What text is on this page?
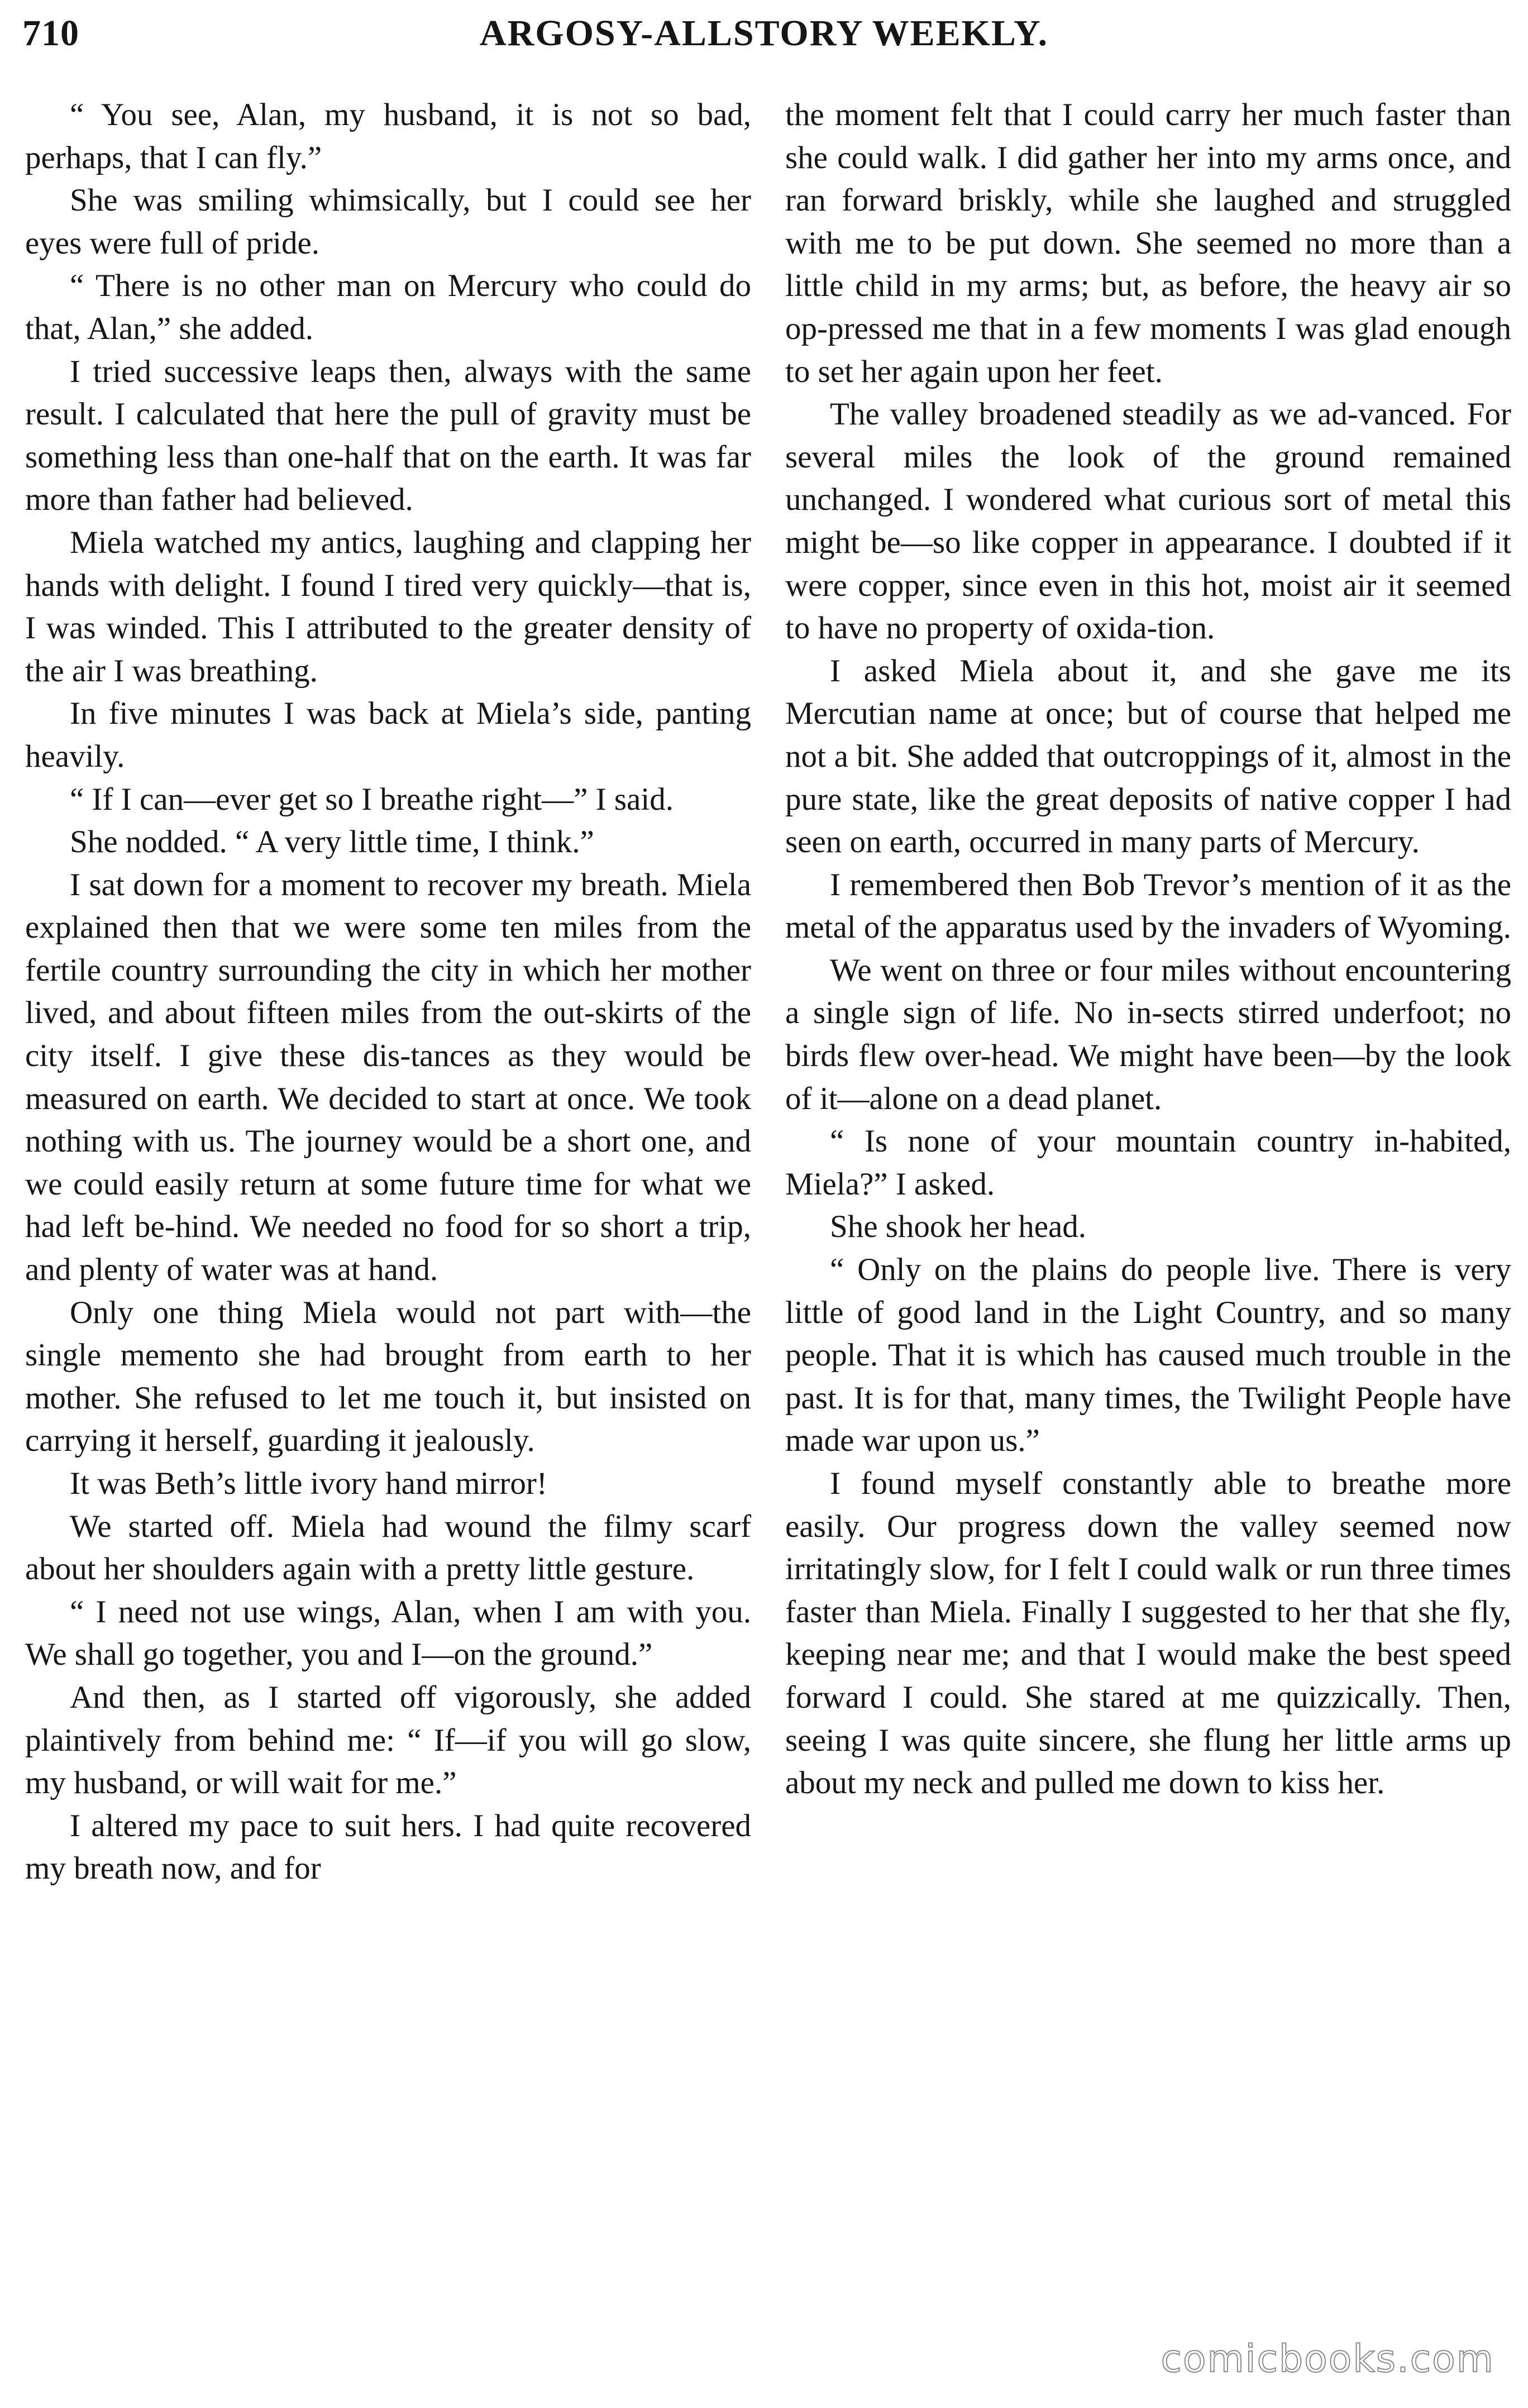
710	ARGOSY-ALLSTORY WEEKLY.

“ You see, Alan, my husband, it is not so bad, perhaps, that I can fly.”

She was smiling whimsically, but I could see her eyes were full of pride.

“ There is no other man on Mercury who could do that, Alan,” she added.

I tried successive leaps then, always with the same result. I calculated that here the pull of gravity must be something less than one-half that on the earth. It was far more than father had believed.

Miela watched my antics, laughing and clapping her hands with delight. I found I tired very quickly—that is, I was winded. This I attributed to the greater density of the air I was breathing.

In five minutes I was back at Miela’s side, panting heavily.

“ If I can—ever get so I breathe right—” I said.

She nodded. “ A very little time, I think.”

I sat down for a moment to recover my breath. Miela explained then that we were some ten miles from the fertile country surrounding the city in which her mother lived, and about fifteen miles from the out-skirts of the city itself. I give these dis-tances as they would be measured on earth. We decided to start at once. We took nothing with us. The journey would be a short one, and we could easily return at some future time for what we had left be-hind. We needed no food for so short a trip, and plenty of water was at hand.

Only one thing Miela would not part with—the single memento she had brought from earth to her mother. She refused to let me touch it, but insisted on carrying it herself, guarding it jealously.

It was Beth’s little ivory hand mirror!

We started off. Miela had wound the filmy scarf about her shoulders again with a pretty little gesture.

“ I need not use wings, Alan, when I am with you. We shall go together, you and I—on the ground.”

And then, as I started off vigorously, she added plaintively from behind me: “ If—if you will go slow, my husband, or will wait for me.”

I altered my pace to suit hers. I had quite recovered my breath now, and for

the moment felt that I could carry her much faster than she could walk. I did gather her into my arms once, and ran forward briskly, while she laughed and struggled with me to be put down. She seemed no more than a little child in my arms; but, as before, the heavy air so op-pressed me that in a few moments I was glad enough to set her again upon her feet.

The valley broadened steadily as we ad-vanced. For several miles the look of the ground remained unchanged. I wondered what curious sort of metal this might be—so like copper in appearance. I doubted if it were copper, since even in this hot, moist air it seemed to have no property of oxida-tion.

I asked Miela about it, and she gave me its Mercutian name at once; but of course that helped me not a bit. She added that outcroppings of it, almost in the pure state, like the great deposits of native copper I had seen on earth, occurred in many parts of Mercury.

I remembered then Bob Trevor’s mention of it as the metal of the apparatus used by the invaders of Wyoming.

We went on three or four miles without encountering a single sign of life. No in-sects stirred underfoot; no birds flew over-head. We might have been—by the look of it—alone on a dead planet.

“ Is none of your mountain country in-habited, Miela?” I asked.

She shook her head.

“ Only on the plains do people live. There is very little of good land in the Light Country, and so many people. That it is which has caused much trouble in the past. It is for that, many times, the Twilight People have made war upon us.”

I found myself constantly able to breathe more easily. Our progress down the valley seemed now irritatingly slow, for I felt I could walk or run three times faster than Miela. Finally I suggested to her that she fly, keeping near me; and that I would make the best speed forward I could. She stared at me quizzically. Then, seeing I was quite sincere, she flung her little arms up about my neck and pulled me down to kiss her.

comicbooks.com
